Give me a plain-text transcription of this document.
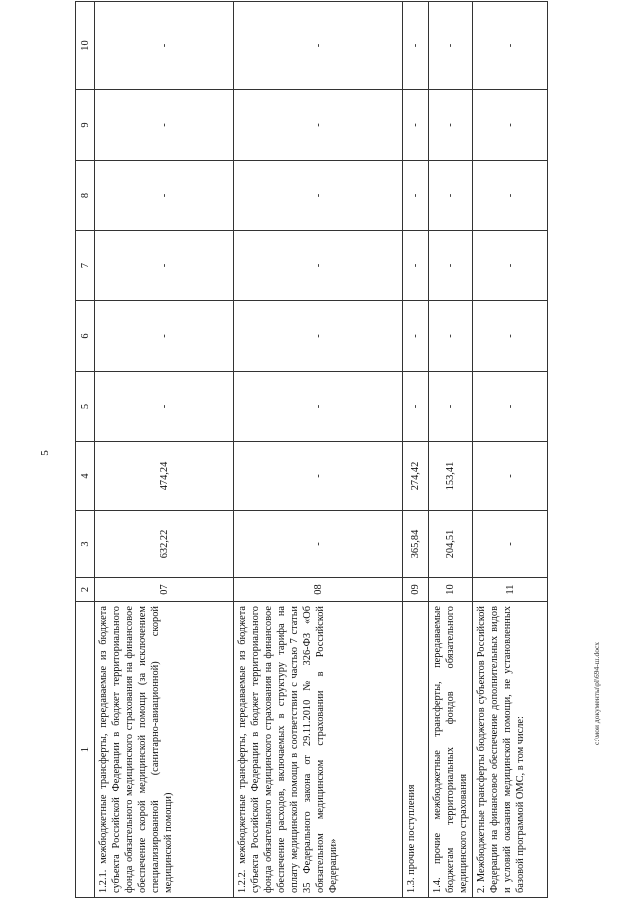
5
c:\мои документы\pl\694-ш.docx
1	2	3	4	5	6	7	8	9	10
1.2.1. межбюджетные трансферты, передаваемые из бюджета субъекта Российской Федерации в бюджет территориального фонда обязательного медицинского страхования на финансовое обеспечение скорой медицинской помощи (за исключением специализированной (санитарно-авиационной) скорой медицинской помощи)	07	632,22	474,24	-	-	-	-	-	-
1.2.2. межбюджетные трансферты, передаваемые из бюджета субъекта Российской Федерации в бюджет территориального фонда обязательного медицинского страхования на финансовое обеспечение расходов, включаемых в структуру тарифа на оплату медицинской помощи в соответствии с частью 7 статьи 35 Федерального закона от 29.11.2010 № 326-ФЗ «Об обязательном медицинском страховании в Российской Федерации»	08	-	-	-	-	-	-	-	-
1.3. прочие поступления	09	365,84	274,42	-	-	-	-	-	-
1.4. прочие межбюджетные трансферты, передаваемые бюджетам территориальных фондов обязательного медицинского страхования	10	204,51	153,41	-	-	-	-	-	-
2. Межбюджетные трансферты бюджетов субъектов Российской Федерации на финансовое обеспечение дополнительных видов и условий оказания медицинской помощи, не установленных базовой программой ОМС, в том числе:	11	-	-	-	-	-	-	-	-
